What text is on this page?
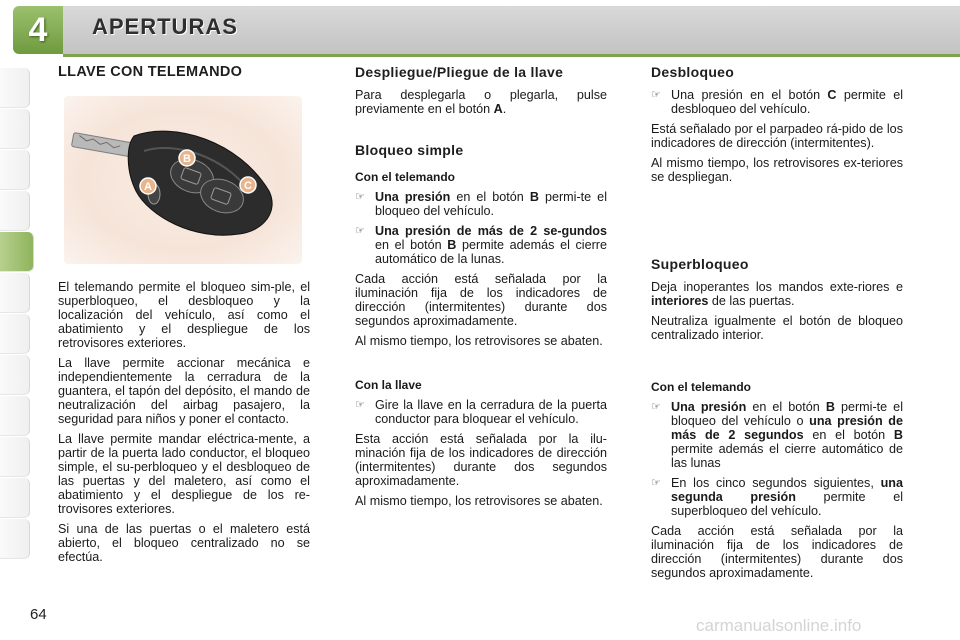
4	APERTURAS
LLAVE CON TELEMANDO
B
A	C

El telemando permite el bloqueo sim-ple, el superbloqueo, el desbloqueo y la localización del vehículo, así como el abatimiento y el despliegue de los retrovisores exteriores.

La llave permite accionar mecánica e independientemente la cerradura de la guantera, el tapón del depósito, el mando de neutralización del airbag pasajero, la seguridad para niños y poner el contacto.

La llave permite mandar eléctrica-mente, a partir de la puerta lado conductor, el bloqueo simple, el su-perbloqueo y el desbloqueo de las puertas y del maletero, así como el abatimiento y el despliegue de los re-trovisores exteriores.

Si una de las puertas o el maletero está abierto, el bloqueo centralizado no se efectúa.

Despliegue/Pliegue de la llave

Para desplegarla o plegarla, pulse previamente en el botón A.

Bloqueo simple
Con el telemando
☞ Una presión en el botón B permi-te el bloqueo del vehículo.
☞ Una presión de más de 2 se-gundos en el botón B permite además el cierre automático de la lunas.

Cada acción está señalada por la iluminación fija de los indicadores de dirección (intermitentes) durante dos segundos aproximadamente.

Al mismo tiempo, los retrovisores se abaten.

Con la llave
☞ Gire la llave en la cerradura de la puerta conductor para bloquear el vehículo.

Esta acción está señalada por la ilu-minación fija de los indicadores de dirección (intermitentes) durante dos segundos aproximadamente.

Al mismo tiempo, los retrovisores se abaten.

Desbloqueo
☞ Una presión en el botón C permite el desbloqueo del vehículo.

Está señalado por el parpadeo rá-pido de los indicadores de dirección (intermitentes).

Al mismo tiempo, los retrovisores ex-teriores se despliegan.

Superbloqueo

Deja inoperantes los mandos exte-riores e interiores de las puertas.

Neutraliza igualmente el botón de bloqueo centralizado interior.

Con el telemando
☞ Una presión en el botón B permi-te el bloqueo del vehículo o una presión de más de 2 segundos en el botón B permite además el cierre automático de las lunas
☞ En los cinco segundos siguientes, una segunda presión permite el superbloqueo del vehículo.

Cada acción está señalada por la iluminación fija de los indicadores de dirección (intermitentes) durante dos segundos aproximadamente.

64
carmanualsonline.info
